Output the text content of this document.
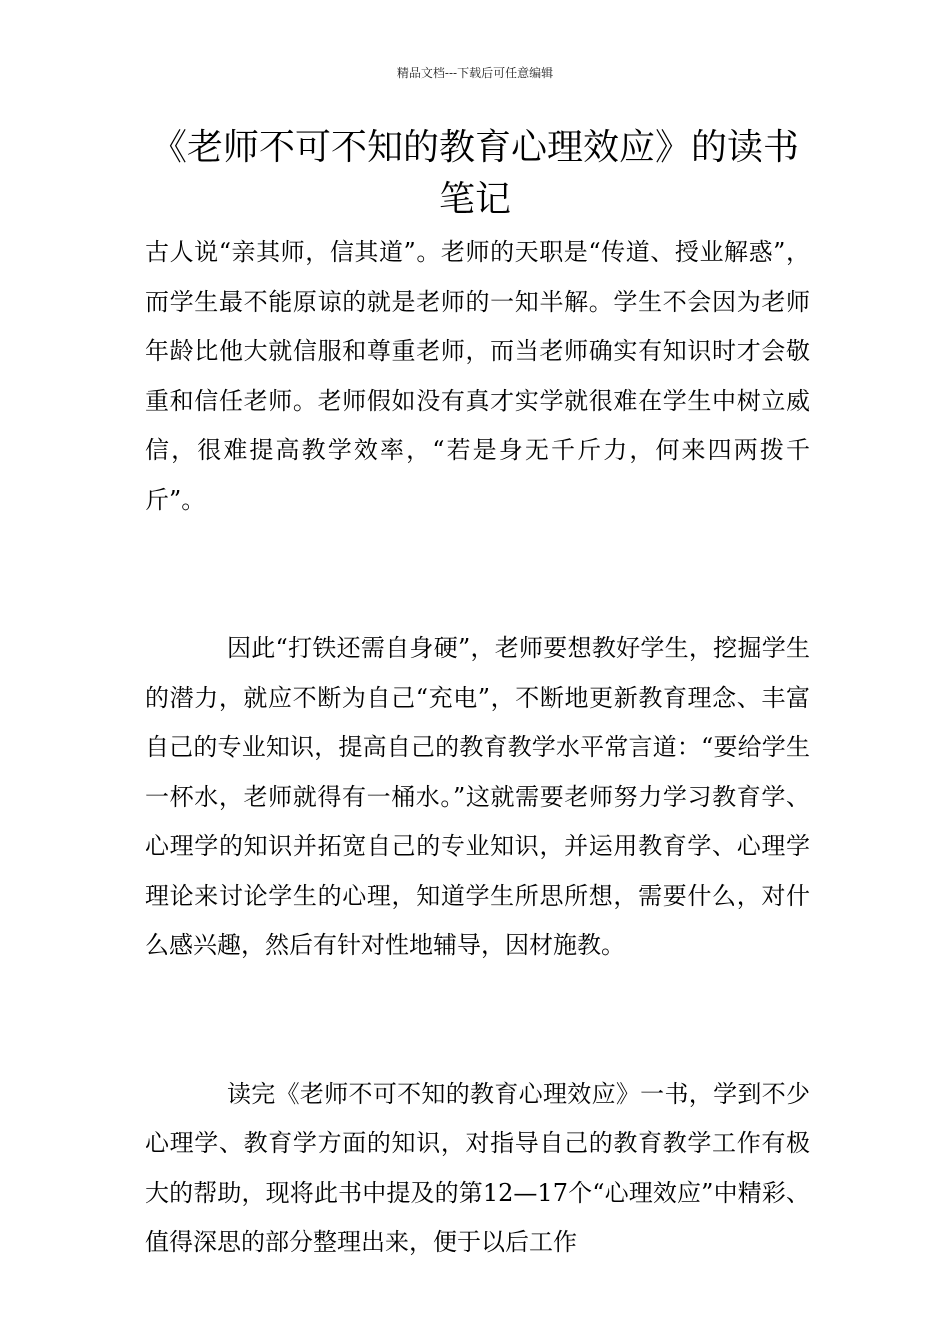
精品文档---下载后可任意编辑
《老师不可不知的教育心理效应》的读书笔记

古人说“亲其师，信其道”。老师的天职是“传道、授业解惑”，而学生最不能原谅的就是老师的一知半解。学生不会因为老师年龄比他大就信服和尊重老师，而当老师确实有知识时才会敬重和信任老师。老师假如没有真才实学就很难在学生中树立威信，很难提高教学效率，“若是身无千斤力，何来四两拨千斤”。

因此“打铁还需自身硬”，老师要想教好学生，挖掘学生的潜力，就应不断为自己“充电”，不断地更新教育理念、丰富自己的专业知识，提高自己的教育教学水平常言道：“要给学生一杯水，老师就得有一桶水。”这就需要老师努力学习教育学、心理学的知识并拓宽自己的专业知识，并运用教育学、心理学理论来讨论学生的心理，知道学生所思所想，需要什么，对什么感兴趣，然后有针对性地辅导，因材施教。

读完《老师不可不知的教育心理效应》一书，学到不少心理学、教育学方面的知识，对指导自己的教育教学工作有极大的帮助，现将此书中提及的第12—17个“心理效应”中精彩、值得深思的部分整理出来，便于以后工作
